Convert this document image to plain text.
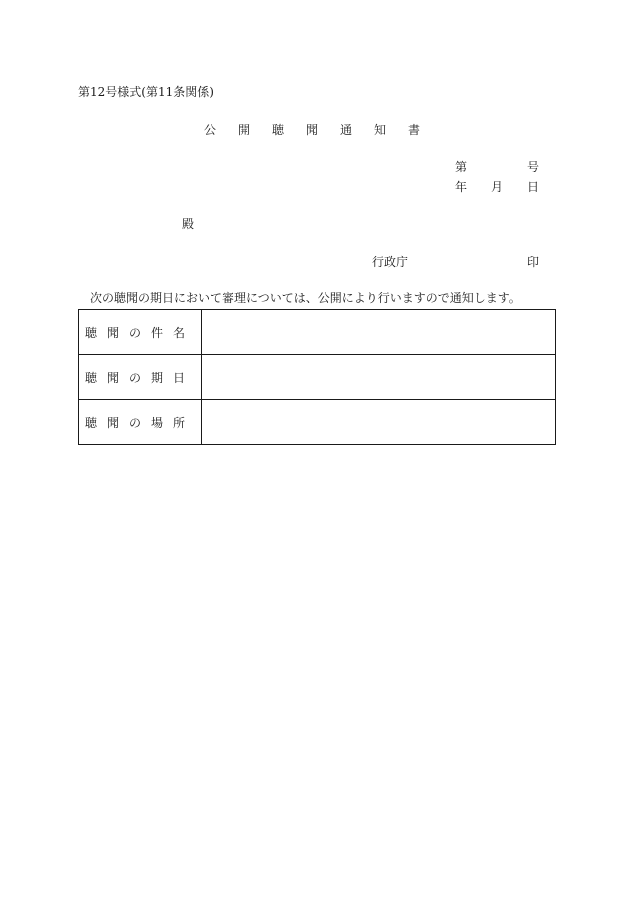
第12号様式(第11条関係)
公 開 聴 聞 通 知 書
第	号
年 月 日
殿
行政庁	印
次の聴聞の期日において審理については、公開により行いますので通知します。
聴聞の件名	
聴聞の期日	
聴聞の場所	
